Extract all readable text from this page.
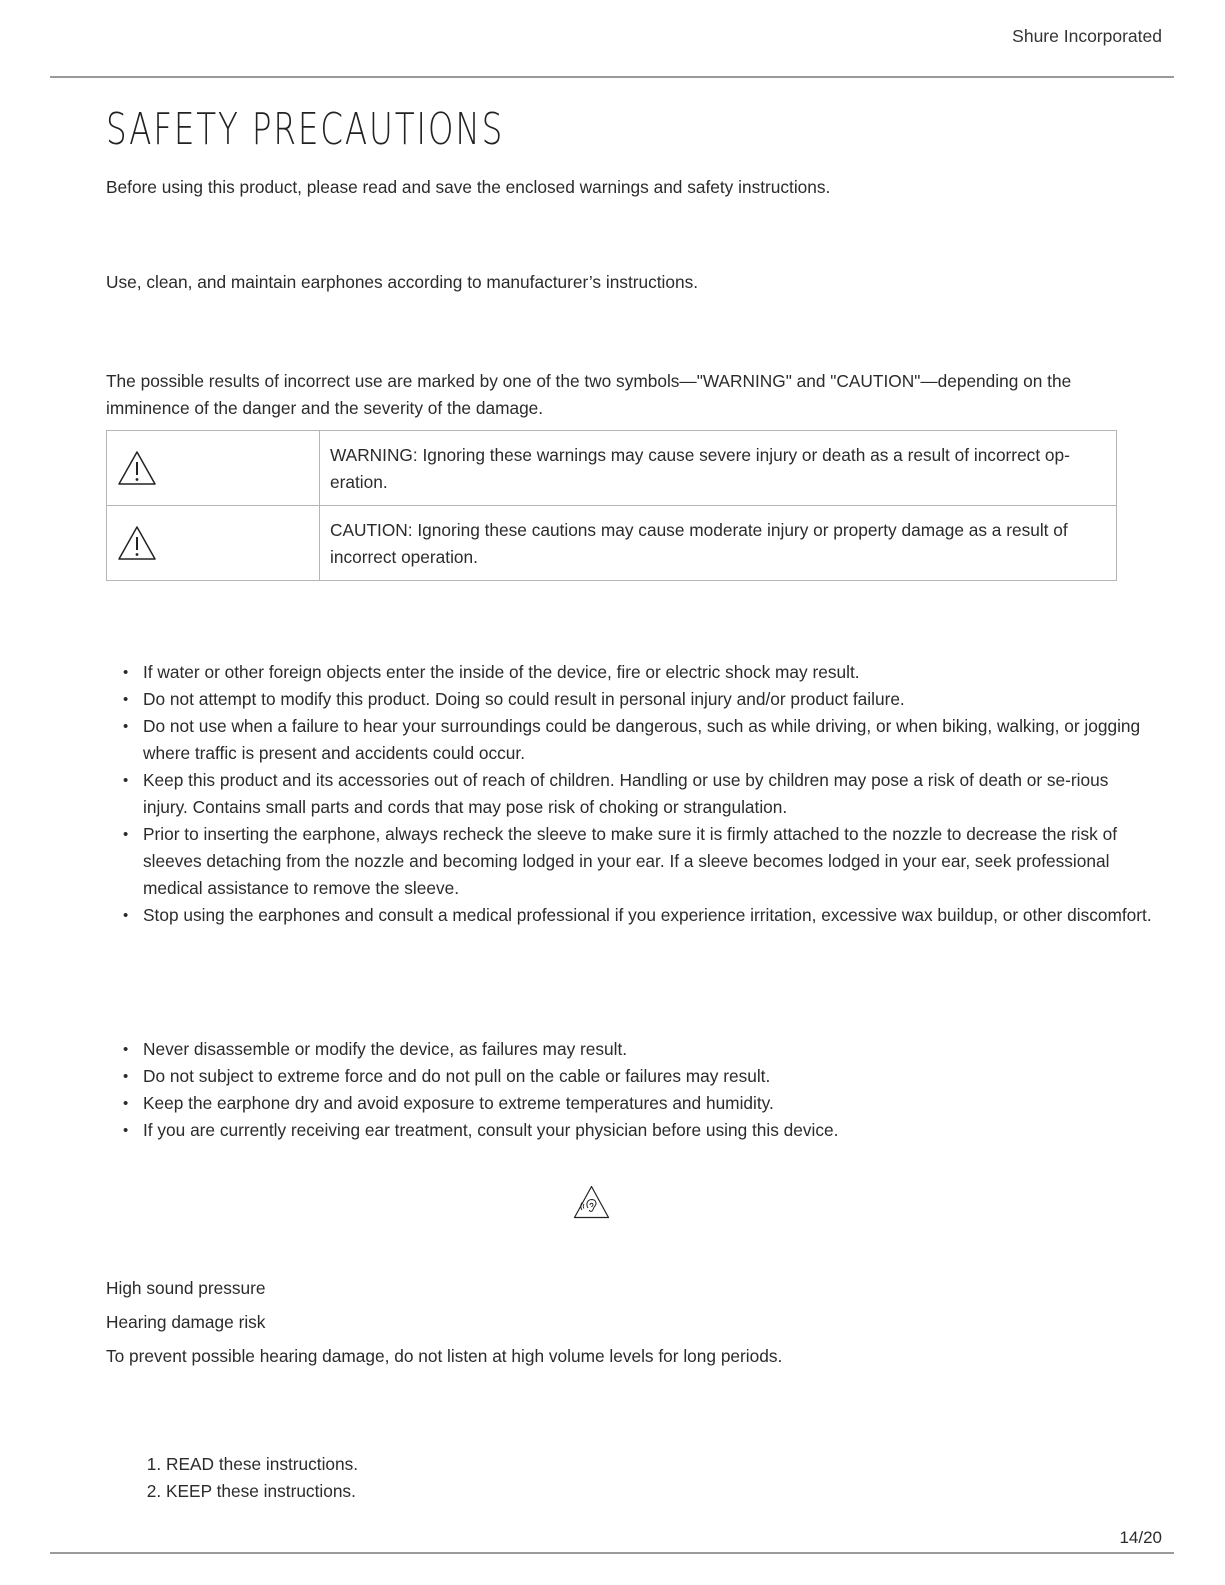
Shure Incorporated
SAFETY PRECAUTIONS

Before using this product, please read and save the enclosed warnings and safety instructions.

Use, clean, and maintain earphones according to manufacturer’s instructions.

The possible results of incorrect use are marked by one of the two symbols—"WARNING" and "CAUTION"—depending on the imminence of the danger and the severity of the damage.

	WARNING: Ignoring these warnings may cause severe injury or death as a result of incorrect op-eration.

	CAUTION: Ignoring these cautions may cause moderate injury or property damage as a result of incorrect operation.
• If water or other foreign objects enter the inside of the device, fire or electric shock may result.
• Do not attempt to modify this product. Doing so could result in personal injury and/or product failure.
• Do not use when a failure to hear your surroundings could be dangerous, such as while driving, or when biking, walking, or jogging where traffic is present and accidents could occur.
• Keep this product and its accessories out of reach of children. Handling or use by children may pose a risk of death or se-rious injury. Contains small parts and cords that may pose risk of choking or strangulation.
• Prior to inserting the earphone, always recheck the sleeve to make sure it is firmly attached to the nozzle to decrease the risk of sleeves detaching from the nozzle and becoming lodged in your ear. If a sleeve becomes lodged in your ear, seek professional medical assistance to remove the sleeve.
• Stop using the earphones and consult a medical professional if you experience irritation, excessive wax buildup, or other discomfort.
• Never disassemble or modify the device, as failures may result.
• Do not subject to extreme force and do not pull on the cable or failures may result.
• Keep the earphone dry and avoid exposure to extreme temperatures and humidity.
• If you are currently receiving ear treatment, consult your physician before using this device.

High sound pressure

Hearing damage risk

To prevent possible hearing damage, do not listen at high volume levels for long periods.

1. READ these instructions.
2. KEEP these instructions.
14/20
